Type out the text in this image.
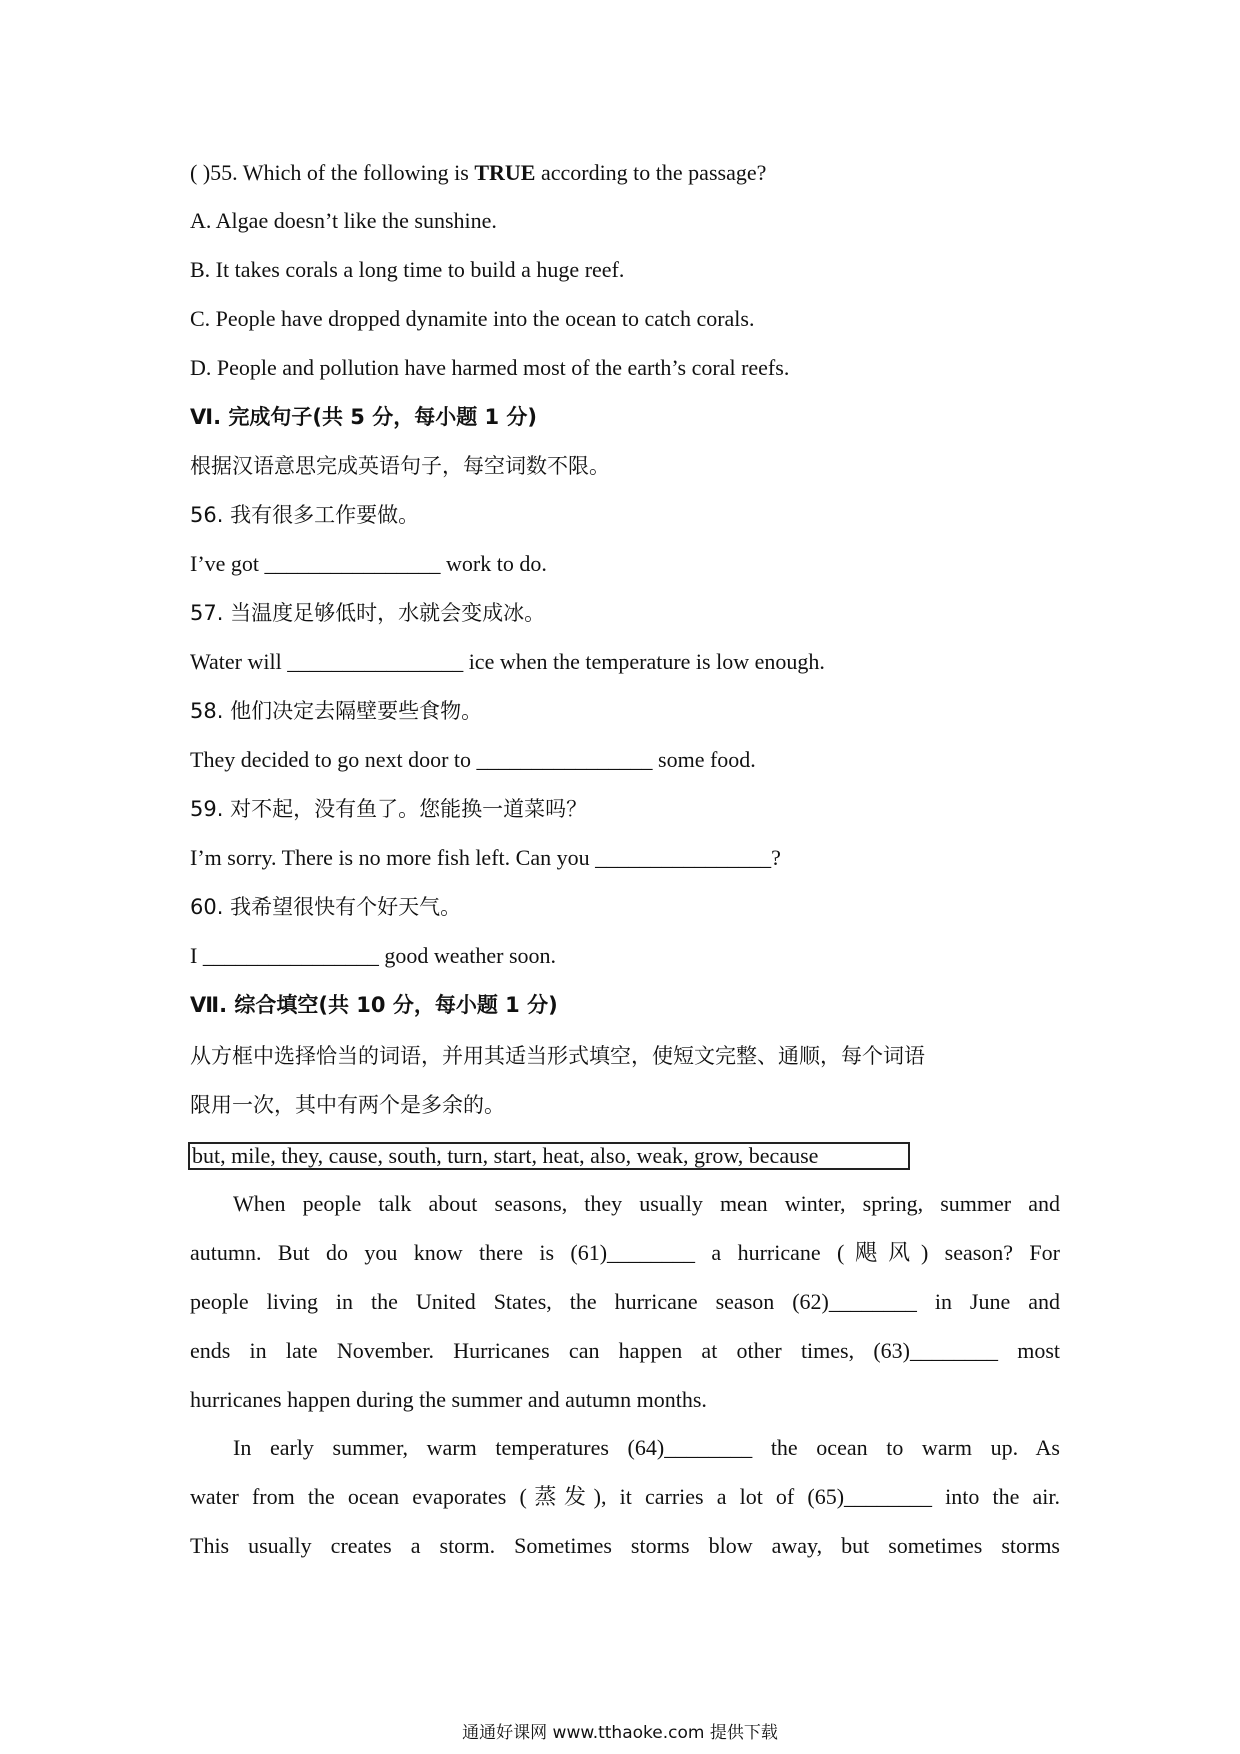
( )55. Which of the following is TRUE according to the passage?
A. Algae doesn’t like the sunshine.
B. It takes corals a long time to build a huge reef.
C. People have dropped dynamite into the ocean to catch corals.
D. People and pollution have harmed most of the earth’s coral reefs.
Ⅵ. 完成句子(共 5 分，每小题 1 分)
根据汉语意思完成英语句子，每空词数不限。
56. 我有很多工作要做。
I’ve got ________________ work to do.
57. 当温度足够低时，水就会变成冰。
Water will ________________ ice when the temperature is low enough.
58. 他们决定去隔壁要些食物。
They decided to go next door to ________________ some food.
59. 对不起，没有鱼了。您能换一道菜吗？
I’m sorry. There is no more fish left. Can you ________________?
60. 我希望很快有个好天气。
I ________________ good weather soon.
Ⅶ. 综合填空(共 10 分，每小题 1 分)
从方框中选择恰当的词语，并用其适当形式填空，使短文完整、通顺，每个词语
限用一次，其中有两个是多余的。
but, mile, they, cause, south, turn, start, heat, also, weak, grow, because
When people talk about seasons, they usually mean winter, spring, summer and
autumn. But do you know there is (61)________ a hurricane (飓风) season? For
people living in the United States, the hurricane season (62)________ in June and
ends in late November. Hurricanes can happen at other times, (63)________ most
hurricanes happen during the summer and autumn months.
In early summer, warm temperatures (64)________ the ocean to warm up. As
water from the ocean evaporates (蒸发), it carries a lot of (65)________ into the air.
This usually creates a storm. Sometimes storms blow away, but sometimes storms
通通好课网 www.tthaoke.com 提供下载
